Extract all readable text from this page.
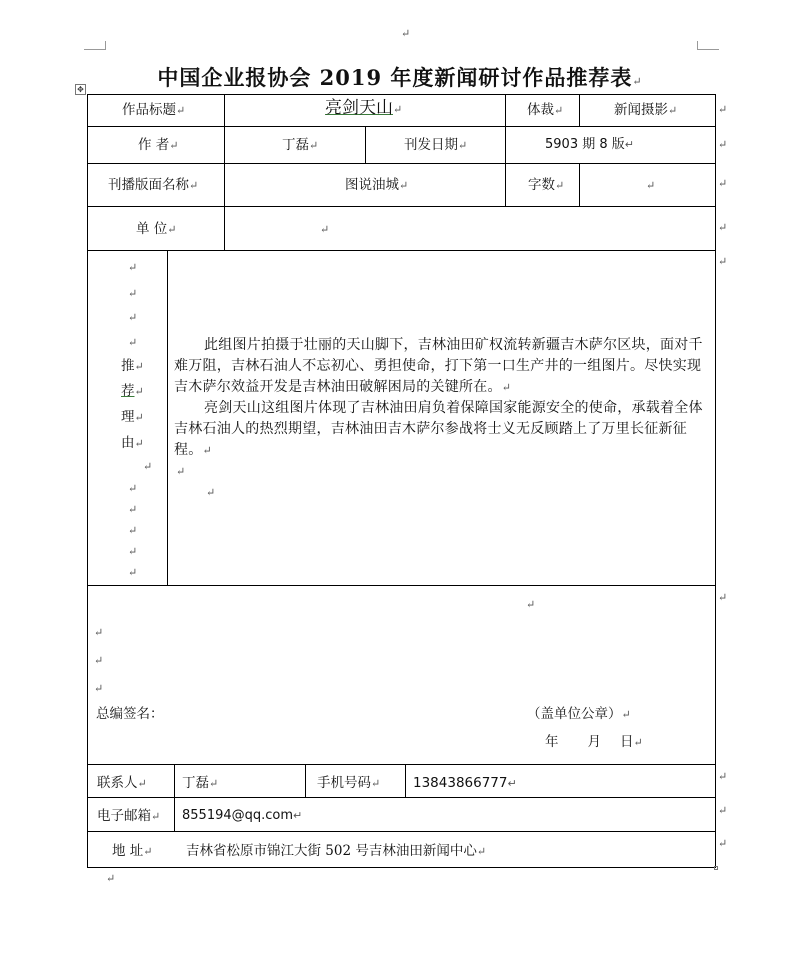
↵
中国企业报协会 2019 年度新闻研讨作品推荐表↵
✥
↵
↵
↵
↵
↵
↵
↵
↵
↵
作品标题↵	亮剑天山↵	体裁↵	新闻摄影↵
作 者↵	丁磊↵	刊发日期↵	5903 期 8 版↵
刊播版面名称↵	图说油城↵	字数↵	↵
单 位↵	↵
↵
↵
↵
↵
推↵
荐↵
理↵
由↵
↵
↵
↵
↵
↵
↵
此组图片拍摄于壮丽的天山脚下，吉林油田矿权流转新疆吉木萨尔区块，面对千难万阻，吉林石油人不忘初心、勇担使命，打下第一口生产井的一组图片。尽快实现吉木萨尔效益开发是吉林油田破解困局的关键所在。↵
亮剑天山这组图片体现了吉林油田肩负着保障国家能源安全的使命，承载着全体吉林石油人的热烈期望，吉林油田吉木萨尔参战将士义无反顾踏上了万里长征新征程。↵
↵
↵
↵
↵
↵
↵
总编签名：	（盖单位公章）↵
年 月 日↵
联系人↵	丁磊↵	手机号码↵ 13843866777↵
电子邮箱↵ 855194@qq.com↵
地 址↵ 吉林省松原市锦江大街 502 号吉林油田新闻中心↵
↵
